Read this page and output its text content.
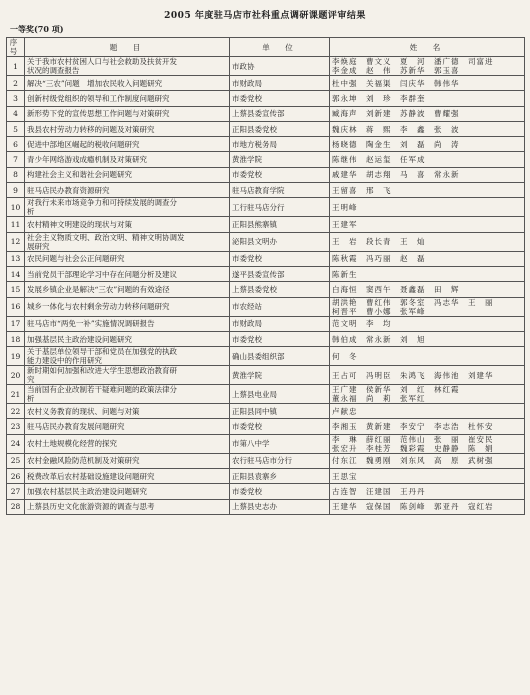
2005 年度驻马店市社科重点调研课题评审结果
一等奖(70 项)
序号	题　目	单　位	姓　名
1	关于我市农村贫困人口与社会救助及扶贫开发
状况的调查报告	市政协	李焕庭　曹文义　夏　河　潘广德　司富进
李金成　赵　伟　苏新华　郭玉喜

2	解决“三农”问题　增加农民收入问题研究	市财政局	杜中强　关福渠　闫庆华　韩伟华

3	创新村级党组织的领导和工作制度问题研究	市委党校	郭永坤　刘　珍　李群奎

4	新形势下党的宣传思想工作问题与对策研究	上蔡县委宣传部	臧海声　刘新建　苏静波　曹耀强

5	我县农村劳动力转移的问题及对策研究	正阳县委党校	魏庆林　蒋　熙　李　鑫　张　波

6	促进中部地区崛起的税收问题研究	市地方税务局	杨晓德　陶金生　刘　磊　尚　涛

7	青少年网络游戏成瘾机制及对策研究	黄淮学院	陈继伟　赵运玺　任军成

8	构建社会主义和谐社会问题研究	市委党校	戚建华　胡志翔　马　喜　常永新

9	驻马店民办教育资源研究	驻马店教育学院	王留喜　邢　飞

10	对我行未来市场竞争力和可持续发展的调查分
析	工行驻马店分行	王明峰

11	农村精神文明建设的现状与对策	正阳县熊寨镇	王建军

12	社会主义物质文明、政治文明、精神文明协调发
展研究	泌阳县文明办	王　岩　段长青　王　灿

13	农民问题与社会公正问题研究	市委党校	陈秋霞　冯巧丽　赵　磊

14	当前党员干部理论学习中存在问题分析及建议	遂平县委宣传部	陈新生

15	发展乡镇企业是解决“三农”问题的有效途径	上蔡县委党校	白海恒　窦西午　聂鑫磊　田　辉

16	城乡一体化与农村剩余劳动力转移问题研究	市农经站	胡洪艳　曹红伟　郭冬室　冯志华　王　丽
柯晋平　曹小娜　张军峰

17	驻马店市“两免一补”实施情况调研报告	市财政局	范文明　李　均

18	加强基层民主政治建设问题研究	市委党校	韩伯成　常永新　刘　旭

19	关于基层单位领导干部和党员在加强党的执政
能力建设中的作用研究	确山县委组织部	何　冬

20	新时期如何加强和改进大学生思想政治教育研
究	黄淮学院	王占可　冯明臣　朱鸿飞　海伟池　刘建华

21	当前国有企业改制若干疑难问题的政策法律分
析	上蔡县电业局	王广建　侯新华　刘　红　林红霞
董永福　尚　莉　张军红

22	农村义务教育的现状、问题与对策	正阳县同中镇	卢献忠

23	驻马店民办教育发展问题研究	市委党校	李湘玉　黄新建　李安宁　李志浩　杜怀安

24	农村土地规模化经营的探究	市第八中学	李　琳　薛红丽　范伟山　张　丽　崔安民
张宏升　李桂芳　魏彩霞　史静静　陈　娟

25	农村金融风险防范机制及对策研究	农行驻马店市分行	付东江　魏勇刚　刘东风　高　原　武树强

26	税费改革后农村基础设施建设问题研究	正阳县袁寨乡	王思宝

27	加强农村基层民主政治建设问题研究	市委党校	古连智　汪建国　王丹丹

28	上蔡县历史文化旅游资源的调查与思考	上蔡县史志办	王建华　寇保国　陈剑峰　郭亚丹　寇红岩
